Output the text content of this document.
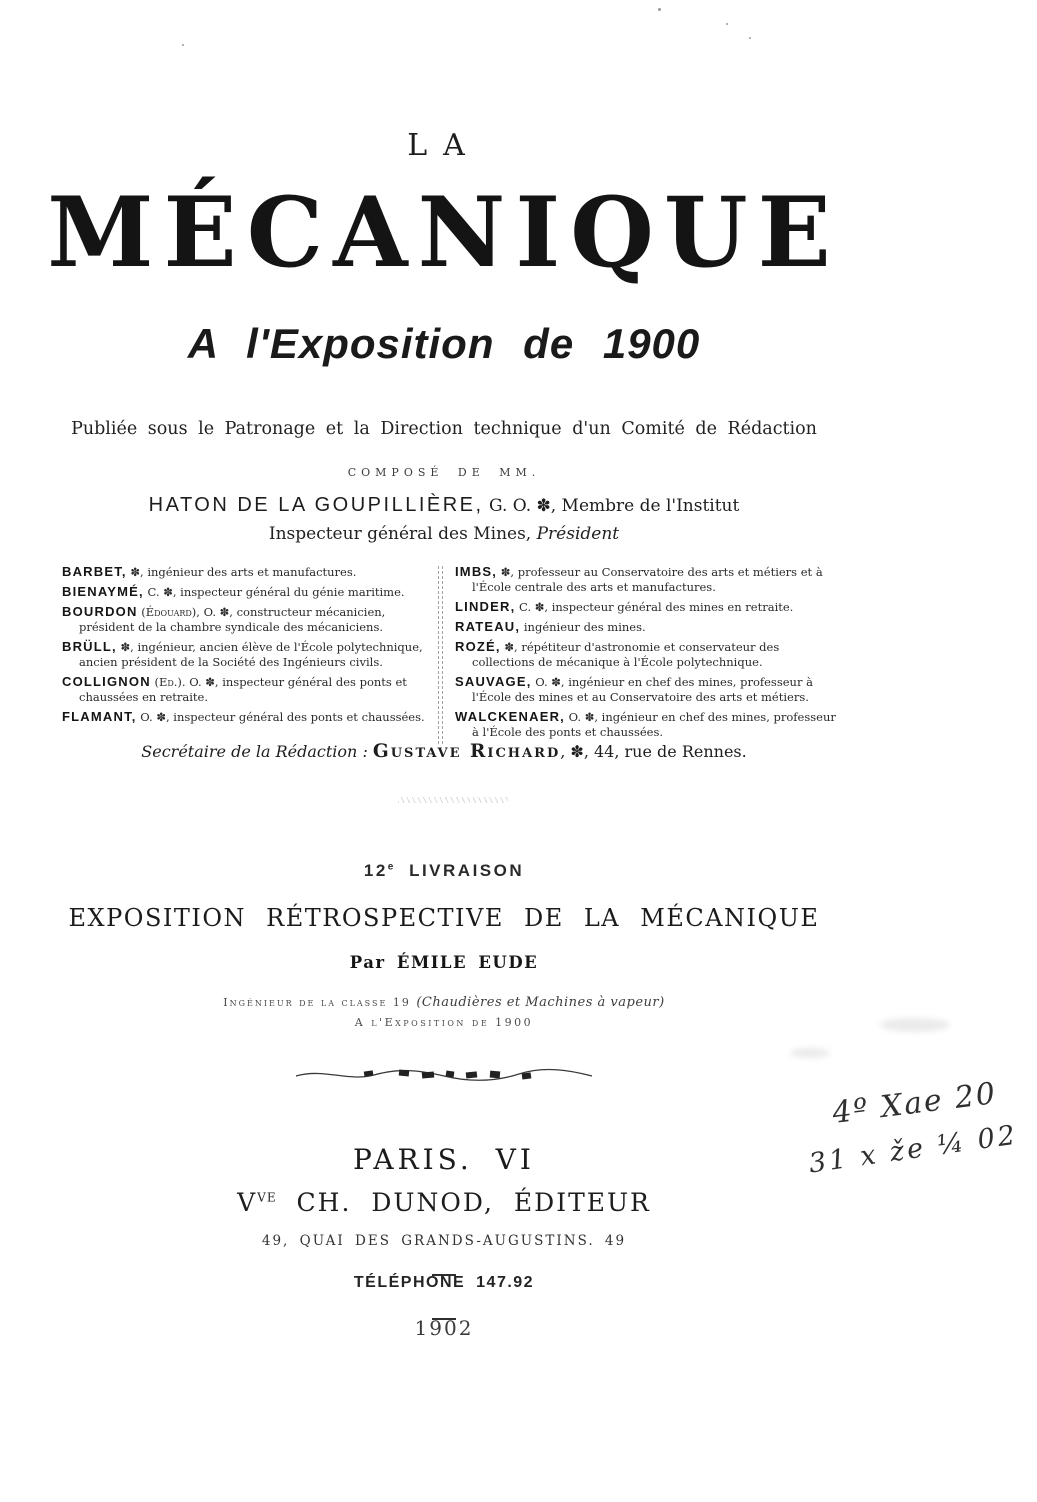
LA
MÉCANIQUE
A l'Exposition de 1900
Publiée sous le Patronage et la Direction technique d'un Comité de Rédaction
COMPOSÉ DE MM.
HATON DE LA GOUPILLIÈRE, G. O. ✽, Membre de l'Institut
Inspecteur général des Mines, Président

BARBET, ✽, ingénieur des arts et manufactures.

BIENAYMÉ, C. ✽, inspecteur général du génie maritime.

BOURDON (Édouard), O. ✽, constructeur mécanicien, président de la chambre syndicale des mécaniciens.

BRÜLL, ✽, ingénieur, ancien élève de l'École polytechnique, ancien président de la Société des Ingénieurs civils.

COLLIGNON (Ed.). O. ✽, inspecteur général des ponts et chaussées en retraite.

FLAMANT, O. ✽, inspecteur général des ponts et chaussées.

IMBS, ✽, professeur au Conservatoire des arts et métiers et à l'École centrale des arts et manufactures.

LINDER, C. ✽, inspecteur général des mines en retraite.

RATEAU, ingénieur des mines.

ROZÉ, ✽, répétiteur d'astronomie et conservateur des collections de mécanique à l'École polytechnique.

SAUVAGE, O. ✽, ingénieur en chef des mines, professeur à l'École des mines et au Conservatoire des arts et métiers.

WALCKENAER, O. ✽, ingénieur en chef des mines, professeur à l'École des ponts et chaussées.

Secrétaire de la Rédaction : Gustave Richard, ✽, 44, rue de Rennes.
12e LIVRAISON
EXPOSITION RÉTROSPECTIVE DE LA MÉCANIQUE
Par ÉMILE EUDE
Ingénieur de la classe 19 (Chaudières et Machines à vapeur)
A l'Exposition de 1900
4º Xae 20
31 x že ¼ 02
PARIS. VI
$V^{VE}$ CH. DUNOD, ÉDITEUR
49, QUAI DES GRANDS-AUGUSTINS. 49
TÉLÉPHONE 147.92
1902
